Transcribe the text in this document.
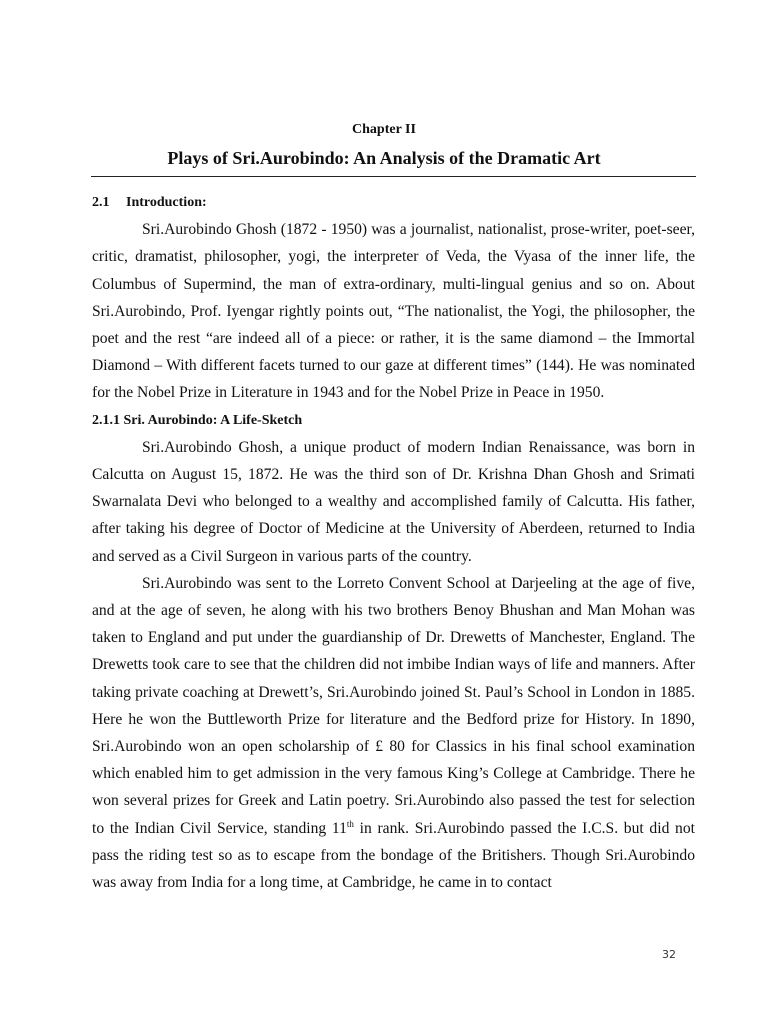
Chapter II
Plays of Sri.Aurobindo: An Analysis of the Dramatic Art
2.1 Introduction:

Sri.Aurobindo Ghosh (1872 - 1950) was a journalist, nationalist, prose-writer, poet-seer, critic, dramatist, philosopher, yogi, the interpreter of Veda, the Vyasa of the inner life, the Columbus of Supermind, the man of extra-ordinary, multi-lingual genius and so on. About Sri.Aurobindo, Prof. Iyengar rightly points out, “The nationalist, the Yogi, the philosopher, the poet and the rest “are indeed all of a piece: or rather, it is the same diamond – the Immortal Diamond – With different facets turned to our gaze at different times” (144). He was nominated for the Nobel Prize in Literature in 1943 and for the Nobel Prize in Peace in 1950.

2.1.1 Sri. Aurobindo: A Life-Sketch

Sri.Aurobindo Ghosh, a unique product of modern Indian Renaissance, was born in Calcutta on August 15, 1872. He was the third son of Dr. Krishna Dhan Ghosh and Srimati Swarnalata Devi who belonged to a wealthy and accomplished family of Calcutta. His father, after taking his degree of Doctor of Medicine at the University of Aberdeen, returned to India and served as a Civil Surgeon in various parts of the country.

Sri.Aurobindo was sent to the Lorreto Convent School at Darjeeling at the age of five, and at the age of seven, he along with his two brothers Benoy Bhushan and Man Mohan was taken to England and put under the guardianship of Dr. Drewetts of Manchester, England. The Drewetts took care to see that the children did not imbibe Indian ways of life and manners. After taking private coaching at Drewett’s, Sri.Aurobindo joined St. Paul’s School in London in 1885. Here he won the Buttleworth Prize for literature and the Bedford prize for History. In 1890, Sri.Aurobindo won an open scholarship of £ 80 for Classics in his final school examination which enabled him to get admission in the very famous King’s College at Cambridge. There he won several prizes for Greek and Latin poetry. Sri.Aurobindo also passed the test for selection to the Indian Civil Service, standing 11th in rank. Sri.Aurobindo passed the I.C.S. but did not pass the riding test so as to escape from the bondage of the Britishers. Though Sri.Aurobindo was away from India for a long time, at Cambridge, he came in to contact

32
